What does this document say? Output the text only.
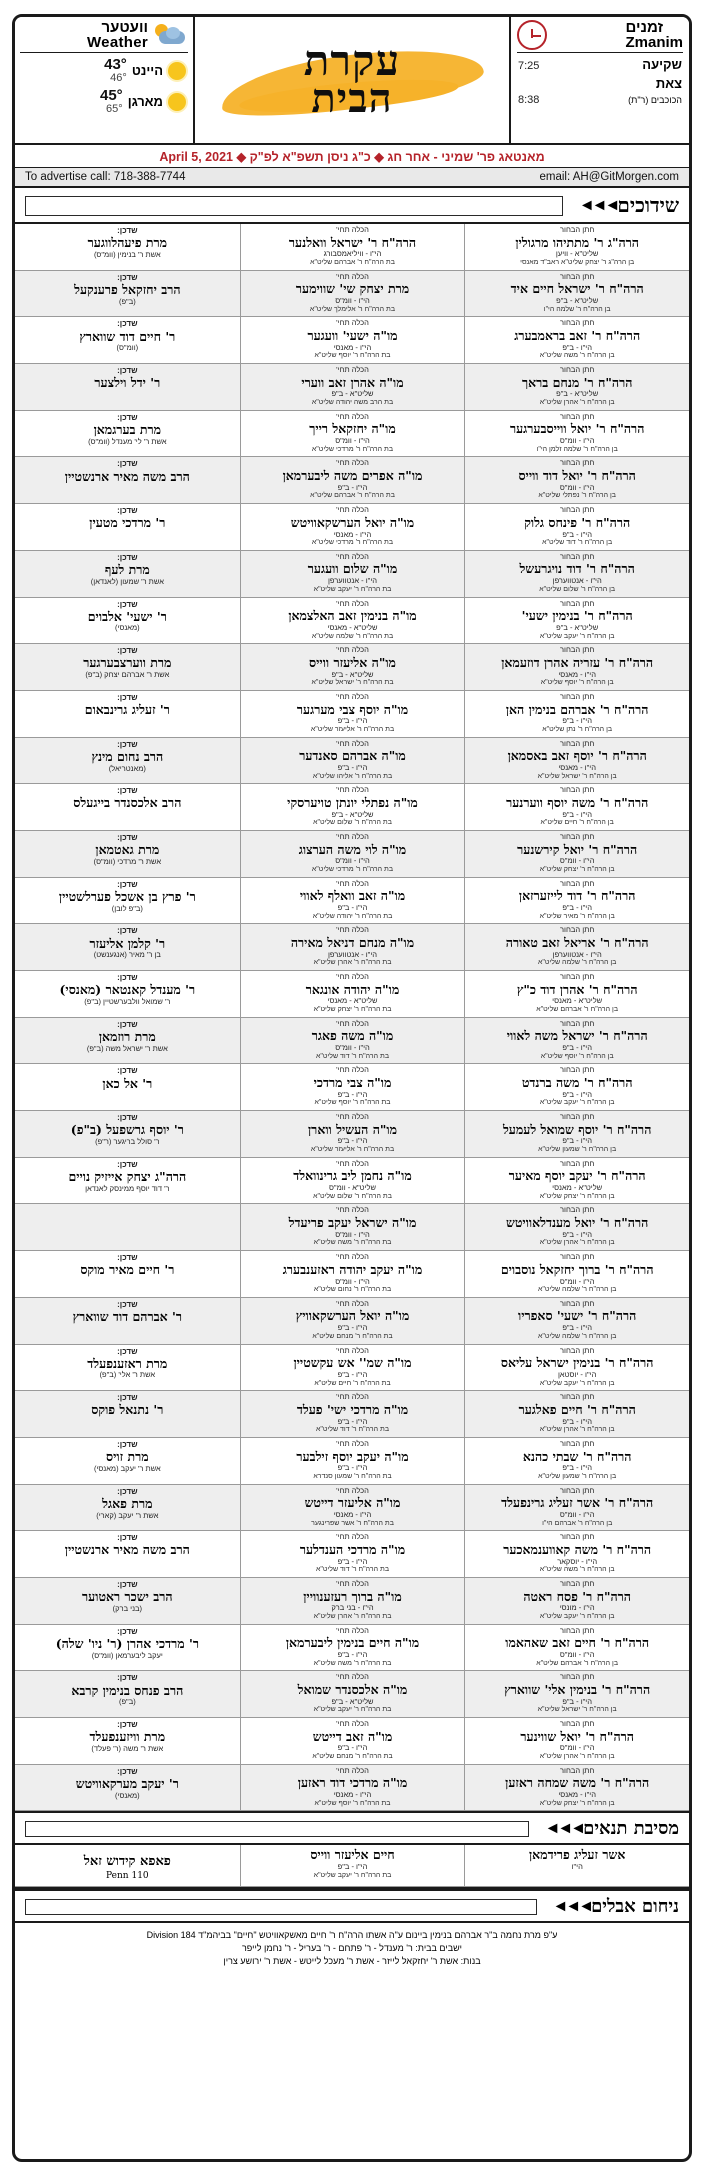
וועטער
Weather
43°
46° היינט
45°
65° מארגן
עקרת
הבית
זמנים
Zmanim
7:25	שקיעה
8:38
צאת
הכוכבים (ר"ת)
מאנטאג פר' שמיני - אחר חג ◆ כ"ג ניסן תשפ"א לפ"ק ◆ April 5, 2021
To advertise call: 718-388-7744	email: AH@GitMorgen.com
◄◄◄ שידוכים
חתן הבחור
הרה"ג ר' מתתיהו מרגולין
שליט"א - וויען
בן הרה"ג ר' יצחק שליט"א ראב"ד מאנסי
הכלה תחי'
הרה"ח ר' ישראל וואלנער
הי"ו - וויליאמסבורג
בת הרה"ח ר' אברהם שליט"א
שדכן:
מרת פיעהלווגער
אשת ר' בנימין (וומ"ס)
חתן הבחור
הרה"ח ר' ישראל חיים איד
שליט"א - ב"פ
בן הרה"ח ר' שלמה הי"ו
הכלה תחי'
מרת יצחק שי' שווימער
הי"ו - וומ"ס
בת הרה"ח ר' אלימלך שליט"א
שדכן:
הרב יחזקאל פרענקעל
(ב"פ)
חתן הבחור
הרה"ח ר' זאב בראמבערג
הי"ו - ב"פ
בן הרה"ח ר' משה שליט"א
הכלה תחי'
מו"ה ישעי' וועגער
הי"ו - מאנסי
בת הרה"ח ר' יוסף שליט"א
שדכן:
ר' חיים דוד שווארץ
(וומ"ס)
חתן הבחור
הרה"ח ר' מנחם בראך
שליט"א - ב"פ
בן הרה"ח ר' אהרן שליט"א
הכלה תחי'
מו"ה אהרן זאב ווערי
שליט"א - ב"פ
בת הרב משה יהודה שליט"א
שדכן:
ר' ידל וילצער
חתן הבחור
הרה"ח ר' יואל ווייסבערגער
הי"ו - וומ"ס
בן הרה"ח ר' שלמה זלמן הי"ו
הכלה תחי'
מו"ה יחזקאל רייך
הי"ו - וומ"ס
בת הרה"ח ר' מרדכי שליט"א
שדכן:
מרת בערגמאן
אשת ר' לי' מענדל (וומ"ס)
חתן הבחור
הרה"ח ר' יואל דוד ווייס
הי"ו - וומ"ס
בן הרה"ח ר' נפתלי שליט"א
הכלה תחי'
מו"ה אפרים משה ליבערמאן
הי"ו - ב"פ
בת הרה"ח ר' אברהם שליט"א
שדכן:
הרב משה מאיר ארנשטיין
חתן הבחור
הרה"ח ר' פינחס גלוק
הי"ו - ב"פ
בן הרה"ח ר' דוד שליט"א
הכלה תחי'
מו"ה יואל הערשקאוויטש
הי"ו - מאנסי
בת הרה"ח ר' מרדכי שליט"א
שדכן:
ר' מרדכי מטעין
חתן הבחור
הרה"ח ר' דוד נויגרעשל
הי"ו - אנטווערפן
בן הרה"ח ר' שלום שליט"א
הכלה תחי'
מו"ה שלום וועגער
הי"ו - אנטווערפן
בת הרה"ח ר' יעקב שליט"א
שדכן:
מרת לעף
אשת ר' שמעון (לאנדאן)
חתן הבחור
הרה"ח ר' בנימין ישעי'
שליט"א - ב"פ
בן הרה"ח ר' יעקב שליט"א
הכלה תחי'
מו"ה בנימין זאב האלצמאן
שליט"א - מאנסי
בת הרה"ח ר' שלמה שליט"א
שדכן:
ר' ישעי' אלבוים
(מאנסי)
חתן הבחור
הרה"ח ר' עזריה אהרן דוזעמאן
הי"ו - מאנסי
בן הרה"ח ר' יוסף שליט"א
הכלה תחי'
מו"ה אליעזר ווייס
שליט"א - ב"פ
בת הרה"ח ר' ישראל שליט"א
שדכן:
מרת ווערצבערגער
אשת ר' אברהם יצחק (ב"פ)
חתן הבחור
הרה"ח ר' אברהם בנימין האן
הי"ו - ב"פ
בן הרה"ח ר' נתן שליט"א
הכלה תחי'
מו"ה יוסף צבי מערגער
הי"ו - ב"פ
בת הרה"ח ר' אליעזר שליט"א
שדכן:
ר' זעליג גרינבאום
חתן הבחור
הרה"ח ר' יוסף זאב באסמאן
הי"ו - מאנסי
בן הרה"ח ר' ישראל שליט"א
הכלה תחי'
מו"ה אברהם סאנדער
הי"ו - ב"פ
בת הרה"ח ר' אליהו שליט"א
שדכן:
הרב נחום מינץ
(מאנטריאל)
חתן הבחור
הרה"ח ר' משה יוסף ווערנער
הי"ו - ב"פ
בן הרה"ח ר' חיים שליט"א
הכלה תחי'
מו"ה נפתלי יונתן טויערסקי
שליט"א - ב"פ
בת הרה"ח ר' שלום שליט"א
שדכן:
הרב אלכסנדר בייגעלס
חתן הבחור
הרה"ח ר' יואל קירשנער
הי"ו - וומ"ס
בן הרה"ח ר' יצחק שליט"א
הכלה תחי'
מו"ה לוי משה הערצוג
הי"ו - וומ"ס
בת הרה"ח ר' מרדכי שליט"א
שדכן:
מרת גאטמאן
אשת ר' מרדכי (וומ"ס)
חתן הבחור
הרה"ח ר' דוד לייזערזאן
הי"ו - ב"פ
בן הרה"ח ר' מאיר שליט"א
הכלה תחי'
מו"ה זאב וואלף לאווי
הי"ו - ב"פ
בת הרה"ח ר' יהודה שליט"א
שדכן:
ר' פרץ בן אשכל פערלשטיין
(ב"פ לובן)
חתן הבחור
הרה"ח ר' אריאל זאב טאורה
הי"ו - אנטווערפן
בן הרה"ח ר' שלמה שליט"א
הכלה תחי'
מו"ה מנחם דניאל מאירה
הי"ו - אנטווערפן
בת הרה"ח ר' אהרן שליט"א
שדכן:
ר' קלמן אליעזר
בן ר' מאיר (אנגענשט)
חתן הבחור
הרה"ח ר' אהרן דוד כ"ץ
שליט"א - מאנסי
בן הרה"ח ר' אברהם שליט"א
הכלה תחי'
מו"ה יהודה אונגאר
שליט"א - מאנסי
בת הרה"ח ר' יצחק שליט"א
שדכן:
ר' מענדל קאנטאר (מאנסי)
ר' שמואל וולבערשטיין (ב"פ)
חתן הבחור
הרה"ח ר' ישראל משה לאווי
הי"ו - ב"פ
בן הרה"ח ר' יוסף שליט"א
הכלה תחי'
מו"ה משה פאגר
הי"ו - וומ"ס
בת הרה"ח ר' דוד שליט"א
שדכן:
מרת רוזמאן
אשת ר' ישראל משה (ב"פ)
חתן הבחור
הרה"ח ר' משה ברנדט
הי"ו - ב"פ
בן הרה"ח ר' יעקב שליט"א
הכלה תחי'
מו"ה צבי מרדכי
הי"ו - ב"פ
בת הרה"ח ר' יוסף שליט"א
שדכן:
ר' אל כאן
חתן הבחור
הרה"ח ר' יוסף שמואל לעמעל
הי"ו - ב"פ
בן הרה"ח ר' שמעון שליט"א
הכלה תחי'
מו"ה העשיל ווארן
הי"ו - ב"פ
בת הרה"ח ר' אליעזר שליט"א
שדכן:
ר' יוסף גרשפעל (ב"פ)
ר' סולל בריגער (ר"פ)
חתן הבחור
הרה"ח ר' יעקב יוסף מאיער
שליט"א - מאנסי
בן הרה"ח ר' יצחק שליט"א
הכלה תחי'
מו"ה נחמן ליב גרינוואלד
שליט"א - וומ"ס
בת הרה"ח ר' שלום שליט"א
שדכן:
הרה"ג יצחק אייזיק נויים
ר' דוד יוסף ממינסק לאנדאן
חתן הבחור
הרה"ח ר' יואל מענדלאוויטש
הי"ו - ב"פ
בן הרה"ח ר' אהרן שליט"א
הכלה תחי'
מו"ה ישראל יעקב פריעדל
הי"ו - וומ"ס
בת הרה"ח ר' משה שליט"א
חתן הבחור
הרה"ח ר' ברוך יחזקאל נוסבוים
הי"ו - וומ"ס
בן הרה"ח ר' שלמה שליט"א
הכלה תחי'
מו"ה יעקב יהודה ראזענבערג
הי"ו - וומ"ס
בת הרה"ח ר' נחום שליט"א
שדכן:
ר' חיים מאיר מוקס
חתן הבחור
הרה"ח ר' ישעי' סאפריו
הי"ו - ב"פ
בן הרה"ח ר' שלמה שליט"א
הכלה תחי'
מו"ה יואל הערשקאוויץ
הי"ו - ב"פ
בת הרה"ח ר' מנחם שליט"א
שדכן:
ר' אברהם דוד שווארץ
חתן הבחור
הרה"ח ר' בנימין ישראל עליאס
הי"ו - יוסטאן
בן הרה"ח ר' יעקב שליט"א
הכלה תחי'
מו"ה שמ'' אש עקשטיין
הי"ו - ב"פ
בת הרה"ח ר' חיים שליט"א
שדכן:
מרת ראזענפעלד
אשת ר' אלי' (ב"פ)
חתן הבחור
הרה"ח ר' חיים פאלגער
הי"ו - ב"פ
בן הרה"ח ר' אהרן שליט"א
הכלה תחי'
מו"ה מרדכי ישי' פעלד
הי"ו - ב"פ
בת הרה"ח ר' דוד שליט"א
שדכן:
ר' נתנאל פוקס
חתן הבחור
הרה"ח ר' שבתי כהנא
הי"ו - ב"פ
בן הרה"ח ר' שמעון שליט"א
הכלה תחי'
מו"ה יעקב יוסף זילבער
הי"ו - ב"פ
בת הרה"ח ר' שמעון סנדרא
שדכן:
מרת זויס
אשת ר' יעקב (מאנסי)
חתן הבחור
הרה"ח ר' אשר זעליג גרינפעלד
הי"ו - וומ"ס
בן הרה"ח ר' אברהם הי"ו
הכלה תחי'
מו"ה אליעזר דייטש
הי"ו - מאנסי
בת הרה"ח ר' אשר שפרינגער
שדכן:
מרת פאגל
אשת ר' יעקב (קארי)
חתן הבחור
הרה"ח ר' משה קאווענמאכער
הי"ו - יוסקאר
בן הרה"ח ר' משה שליט"א
הכלה תחי'
מו"ה מרדכי הענדלער
הי"ו - ב"פ
בת הרה"ח ר' דוד שליט"א
שדכן:
הרב משה מאיר ארנשטיין
חתן הבחור
הרה"ח ר' פסח ראטה
הי"ו - מונסי
בן הרה"ח ר' יעקב שליט"א
הכלה תחי'
מו"ה ברוך רעזענוויין
הי"ו - בני ברק
בת הרה"ח ר' אהרן שליט"א
שדכן:
הרב ישכר ראטוער
(בני ברק)
חתן הבחור
הרה"ח ר' חיים זאב שאהאמו
הי"ו - וומ"ס
בן הרה"ח ר' אברהם שליט"א
הכלה תחי'
מו"ה חיים בנימין ליבערמאן
הי"ו - ב"פ
בת הרה"ח ר' משה שליט"א
שדכן:
ר' מרדכי אהרן (ר' ניו' שלה)
יעקב ליבערמאן (וומ"ס)
חתן הבחור
הרה"ח ר' בנימין אלי' שווארץ
הי"ו - ב"פ
בן הרה"ח ר' ישראל שליט"א
הכלה תחי'
מו"ה אלכסנדר שמואל
שליט"א - ב"פ
בת הרה"ח ר' יעקב שליט"א
שדכן:
הרב פנחס בנימין קרבא
(ב"פ)
חתן הבחור
הרה"ח ר' יואל שווינער
הי"ו - וומ"ס
בן הרה"ח ר' אהרן שליט"א
הכלה תחי'
מו"ה זאב דייטש
הי"ו - ב"פ
בת הרה"ח ר' מנחם שליט"א
שדכן:
מרת וויזענפעלד
אשת ר' משה (ר' פעלד)
חתן הבחור
הרה"ח ר' משה שמחה ראזען
הי"ו - מאנסי
בן הרה"ח ר' יצחק שליט"א
הכלה תחי'
מו"ה מרדכי דוד ראזען
הי"ו - מאנסי
בת הרה"ח ר' יוסף שליט"א
שדכן:
ר' יעקב מערקאוויטש
(מאנסי)
◄◄◄ מסיבת תנאים
אשר זעליג פרידמאן
הי"ו
חיים אליעזר ווייס
הי"ו - ב"פ
בת הרה"ח ר' יעקב שליט"א
פאפא קידוש זאל
110 Penn
◄◄◄ ניחום אבלים
ע"פ מרת נחמה ב"ר אברהם בנימין ביינום ע"ה אשתו הרה"ח ר' חיים מאשקאוויטש "חיים" בביהמ"ד 184 Division
ישבים בבית: ר' מענדל - ר' פתחם - ר' בעריל - ר' נחמן לייפר
בנות: אשת ר' יחזקאל לייזר - אשת ר' מעכל לייטש - אשת ר' ירושע צרין
